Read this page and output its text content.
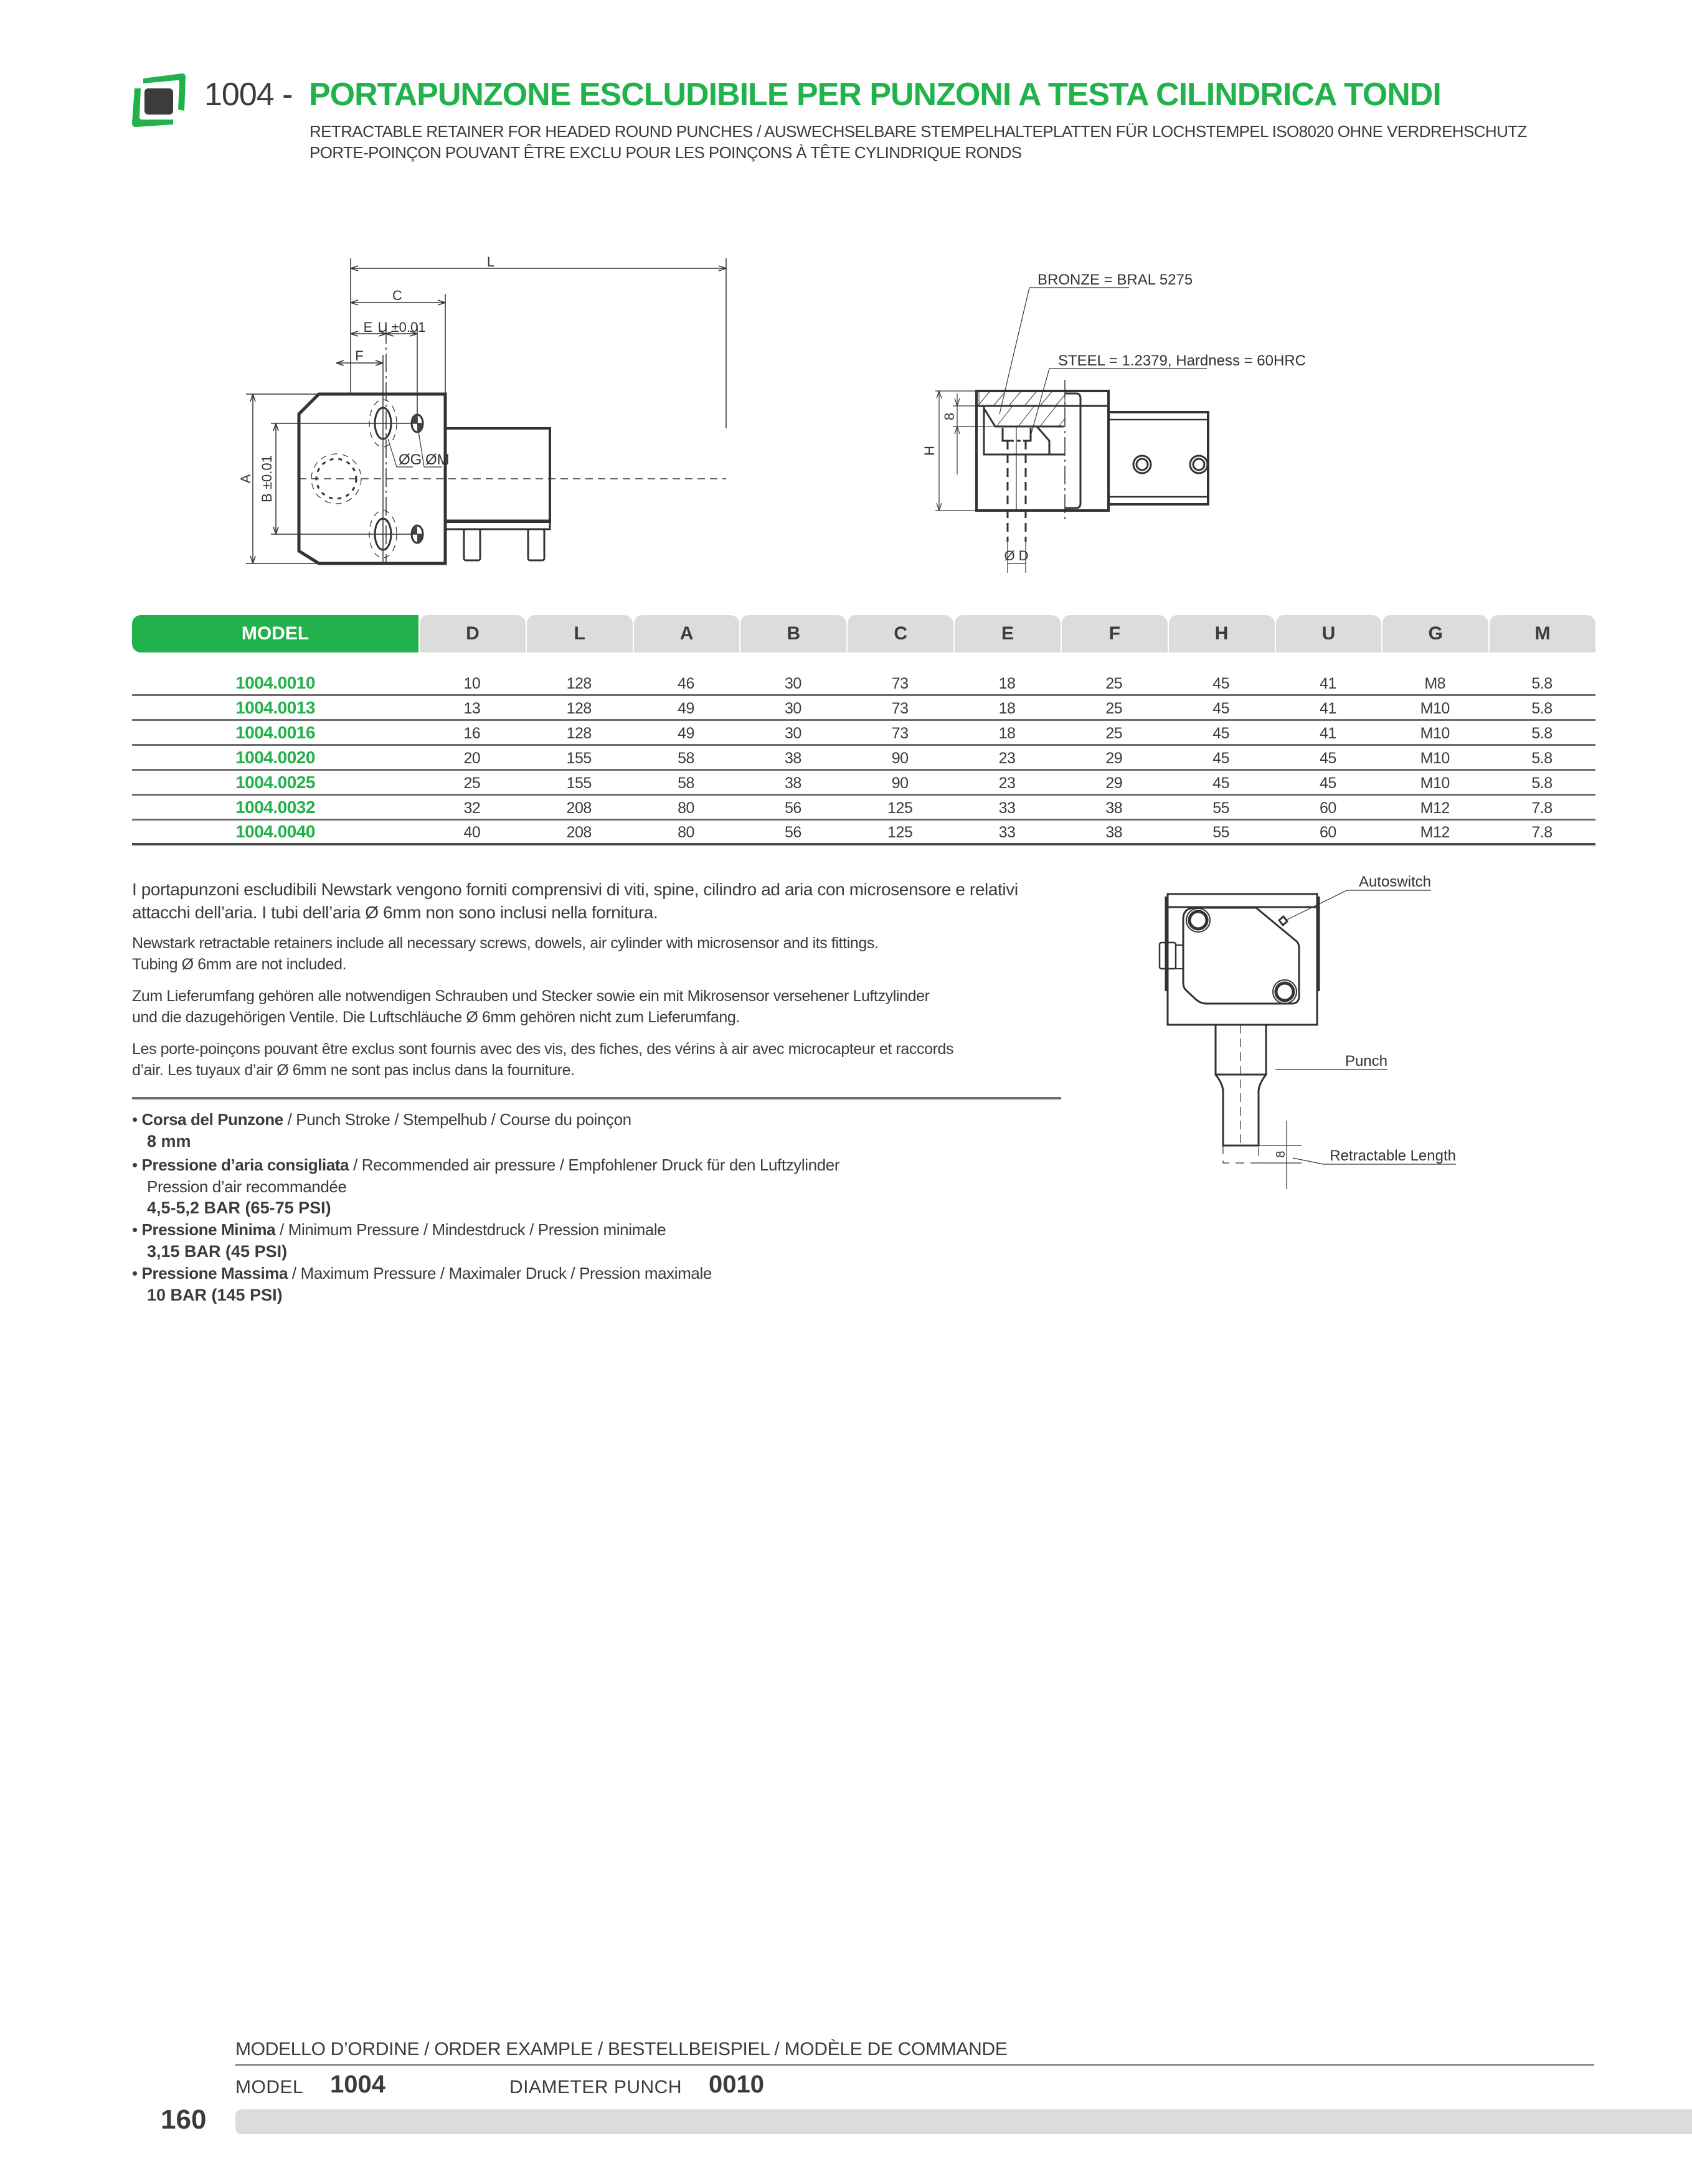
1004 - PORTAPUNZONE ESCLUDIBILE PER PUNZONI A TESTA CILINDRICA TONDI
RETRACTABLE RETAINER FOR HEADED ROUND PUNCHES / AUSWECHSELBARE STEMPELHALTEPLATTEN FÜR LOCHSTEMPEL ISO8020 OHNE VERDREHSCHUTZ
PORTE-POINÇON POUVANT ÊTRE EXCLU POUR LES POINÇONS À TÊTE CYLINDRIQUE RONDS
L
C
E U ±0.01
F
A B ±0.01	ØG ØM
BRONZE = BRAL 5275
STEEL = 1.2379, Hardness = 60HRC
H
8
Ø D
MODEL	D	L	A	B	C	E	F	H	U	G	M
1004.0010	10	128	46	30	73	18	25	45	41	M8	5.8
1004.0013	13	128	49	30	73	18	25	45	41	M10	5.8
1004.0016	16	128	49	30	73	18	25	45	41	M10	5.8
1004.0020	20	155	58	38	90	23	29	45	45	M10	5.8
1004.0025	25	155	58	38	90	23	29	45	45	M10	5.8
1004.0032	32	208	80	56	125	33	38	55	60	M12	7.8
1004.0040	40	208	80	56	125	33	38	55	60	M12	7.8
I portapunzoni escludibili Newstark vengono forniti comprensivi di viti, spine, cilindro ad aria con microsensore e relativi attacchi dell’aria. I tubi dell’aria Ø 6mm non sono inclusi nella fornitura.
Newstark retractable retainers include all necessary screws, dowels, air cylinder with microsensor and its fittings.
Tubing Ø 6mm are not included.
Zum Lieferumfang gehören alle notwendigen Schrauben und Stecker sowie ein mit Mikrosensor versehener Luftzylinder
und die dazugehörigen Ventile. Die Luftschläuche Ø 6mm gehören nicht zum Lieferumfang.
Les porte-poinçons pouvant être exclus sont fournis avec des vis, des fiches, des vérins à air avec microcapteur et raccords
d’air. Les tuyaux d’air Ø 6mm ne sont pas inclus dans la fourniture.
• Corsa del Punzone / Punch Stroke / Stempelhub / Course du poinçon
8 mm
• Pressione d’aria consigliata / Recommended air pressure / Empfohlener Druck für den Luftzylinder
Pression d’air recommandée
4,5-5,2 BAR (65-75 PSI)
• Pressione Minima / Minimum Pressure / Mindestdruck / Pression minimale
3,15 BAR (45 PSI)
• Pressione Massima / Maximum Pressure / Maximaler Druck / Pression maximale
10 BAR (145 PSI)
Autoswitch
Punch
Retractable Length
8
MODELLO D’ORDINE / ORDER EXAMPLE / BESTELLBEISPIEL / MODÈLE DE COMMANDE
MODEL 1004	DIAMETER PUNCH 0010
160
